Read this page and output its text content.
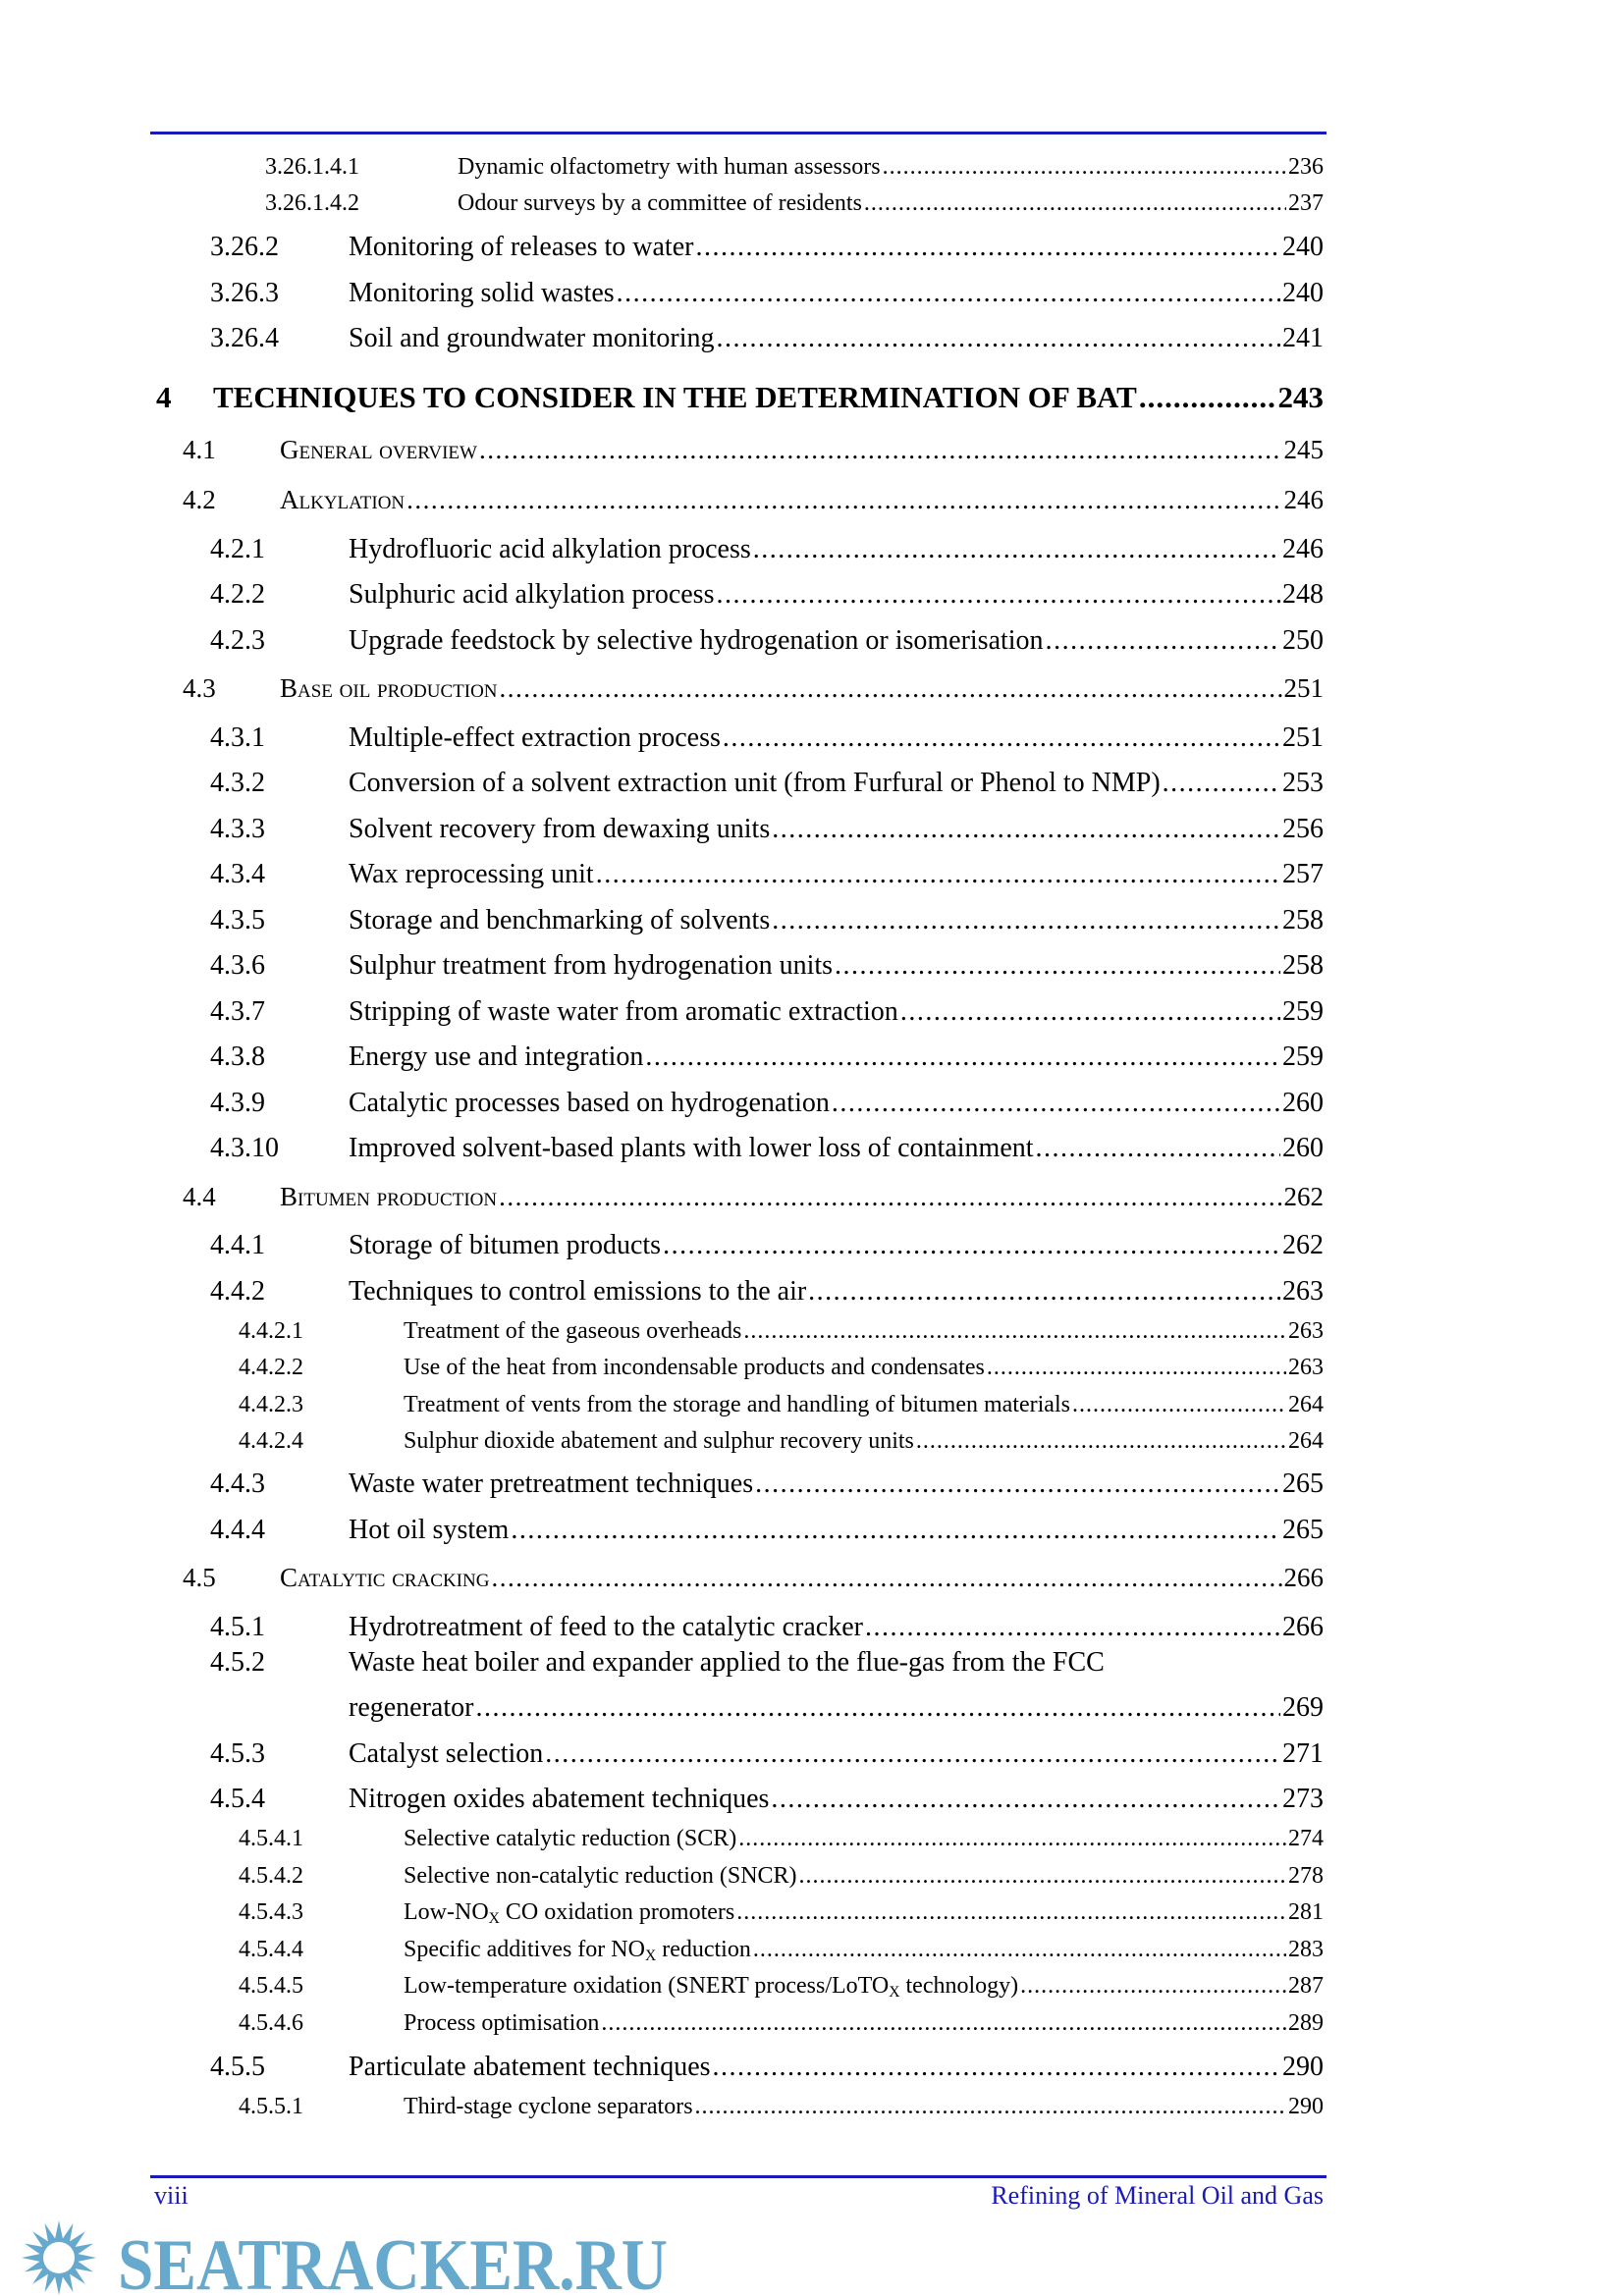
3.26.1.4.1	Dynamic olfactometry with human assessors .....	236
3.26.1.4.2	Odour surveys by a committee of residents .....	237
3.26.2	Monitoring of releases to water .....	240
3.26.3	Monitoring solid wastes .....	240
3.26.4	Soil and groundwater monitoring .....	241
4	TECHNIQUES TO CONSIDER IN THE DETERMINATION OF BAT .....	243
4.1	General overview .....	245
4.2	Alkylation .....	246
4.2.1	Hydrofluoric acid alkylation process .....	246
4.2.2	Sulphuric acid alkylation process .....	248
4.2.3	Upgrade feedstock by selective hydrogenation or isomerisation .....	250
4.3	Base oil production .....	251
4.3.1	Multiple-effect extraction process .....	251
4.3.2	Conversion of a solvent extraction unit (from Furfural or Phenol to NMP) .....	253
4.3.3	Solvent recovery from dewaxing units .....	256
4.3.4	Wax reprocessing unit .....	257
4.3.5	Storage and benchmarking of solvents .....	258
4.3.6	Sulphur treatment from hydrogenation units .....	258
4.3.7	Stripping of waste water from aromatic extraction .....	259
4.3.8	Energy use and integration .....	259
4.3.9	Catalytic processes based on hydrogenation .....	260
4.3.10	Improved solvent-based plants with lower loss of containment .....	260
4.4	Bitumen production .....	262
4.4.1	Storage of bitumen products .....	262
4.4.2	Techniques to control emissions to the air .....	263
4.4.2.1	Treatment of the gaseous overheads .....	263
4.4.2.2	Use of the heat from incondensable products and condensates .....	263
4.4.2.3	Treatment of vents from the storage and handling of bitumen materials .....	264
4.4.2.4	Sulphur dioxide abatement and sulphur recovery units .....	264
4.4.3	Waste water pretreatment techniques .....	265
4.4.4	Hot oil system .....	265
4.5	Catalytic cracking .....	266
4.5.1	Hydrotreatment of feed to the catalytic cracker .....	266
4.5.2	Waste heat boiler and expander applied to the flue-gas from the FCC
regenerator .....	269
4.5.3	Catalyst selection .....	271
4.5.4	Nitrogen oxides abatement techniques .....	273
4.5.4.1	Selective catalytic reduction (SCR) .....	274
4.5.4.2	Selective non-catalytic reduction (SNCR) .....	278
4.5.4.3	Low-$NO_X$ CO oxidation promoters .....	281
4.5.4.4	Specific additives for $NO_X$ reduction .....	283
4.5.4.5	Low-temperature oxidation (SNERT process/LoTO$_X$ technology) .....	287
4.5.4.6	Process optimisation .....	289
4.5.5	Particulate abatement techniques .....	290
4.5.5.1	Third-stage cyclone separators .....	290
viii	Refining of Mineral Oil and Gas
SEATRACKER.RU
